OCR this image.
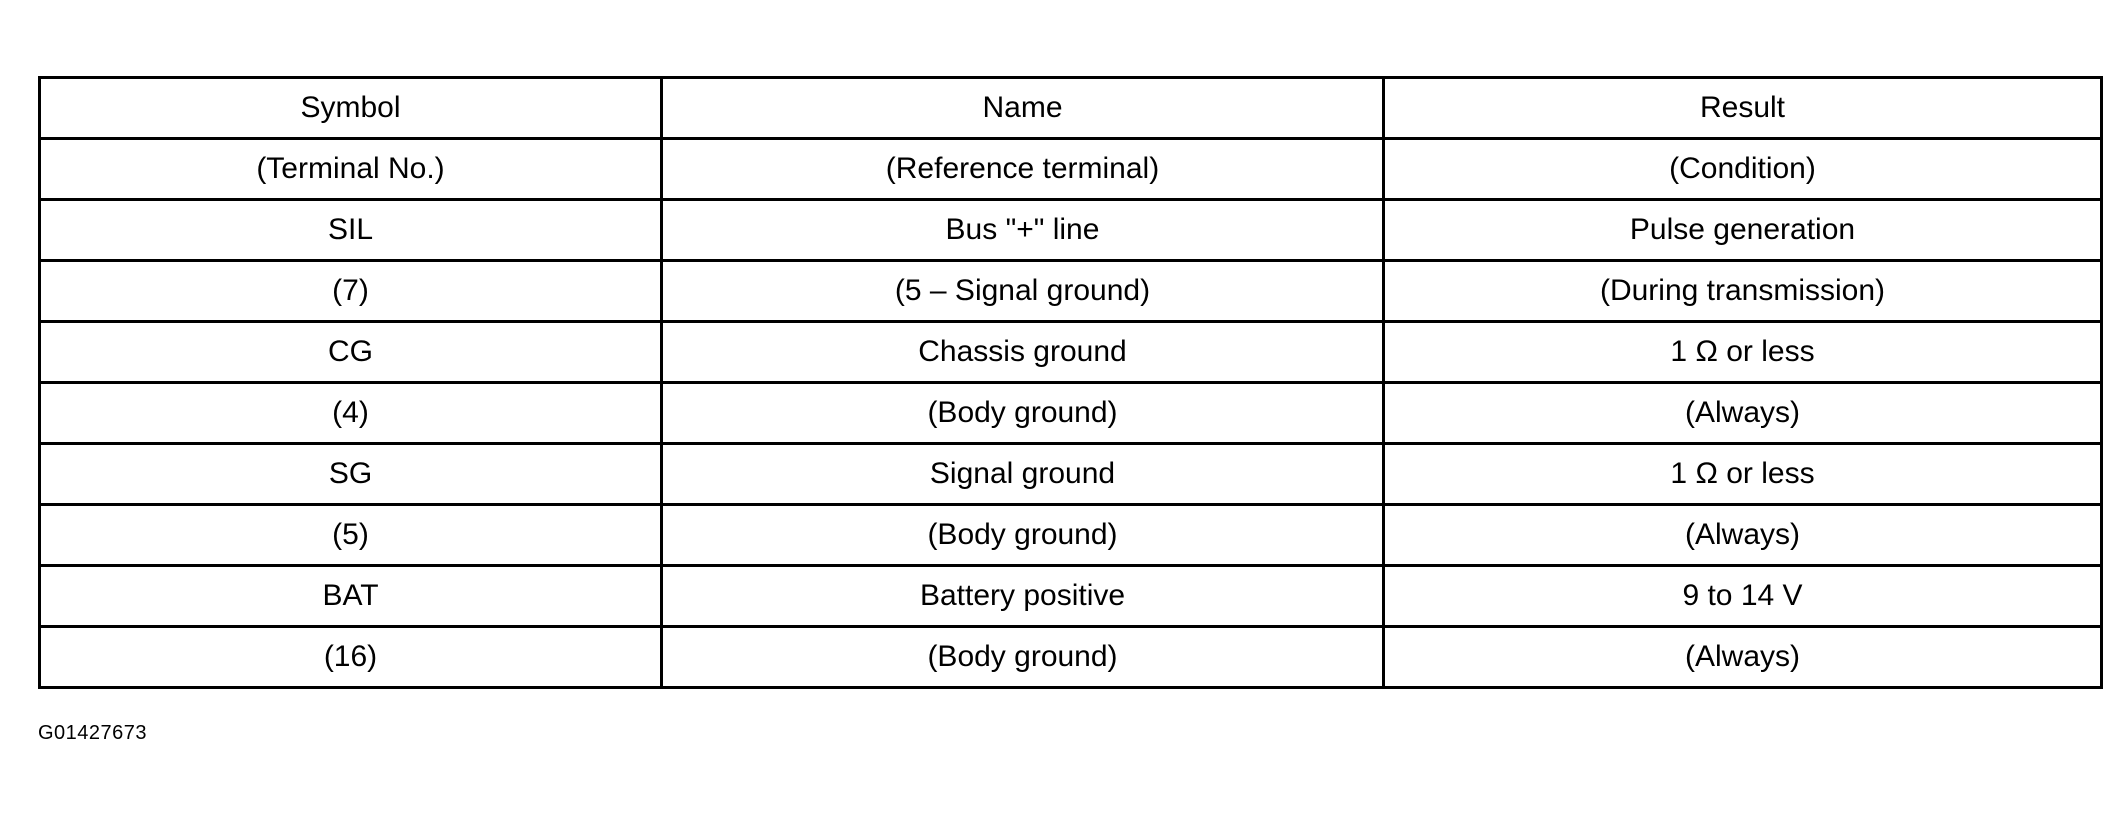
Symbol	Name	Result
(Terminal No.)	(Reference terminal)	(Condition)
SIL	Bus "+" line	Pulse generation
(7)	(5 – Signal ground)	(During transmission)
CG	Chassis ground	1 Ω or less
(4)	(Body ground)	(Always)
SG	Signal ground	1 Ω or less
(5)	(Body ground)	(Always)
BAT	Battery positive	9 to 14 V
(16)	(Body ground)	(Always)
G01427673
